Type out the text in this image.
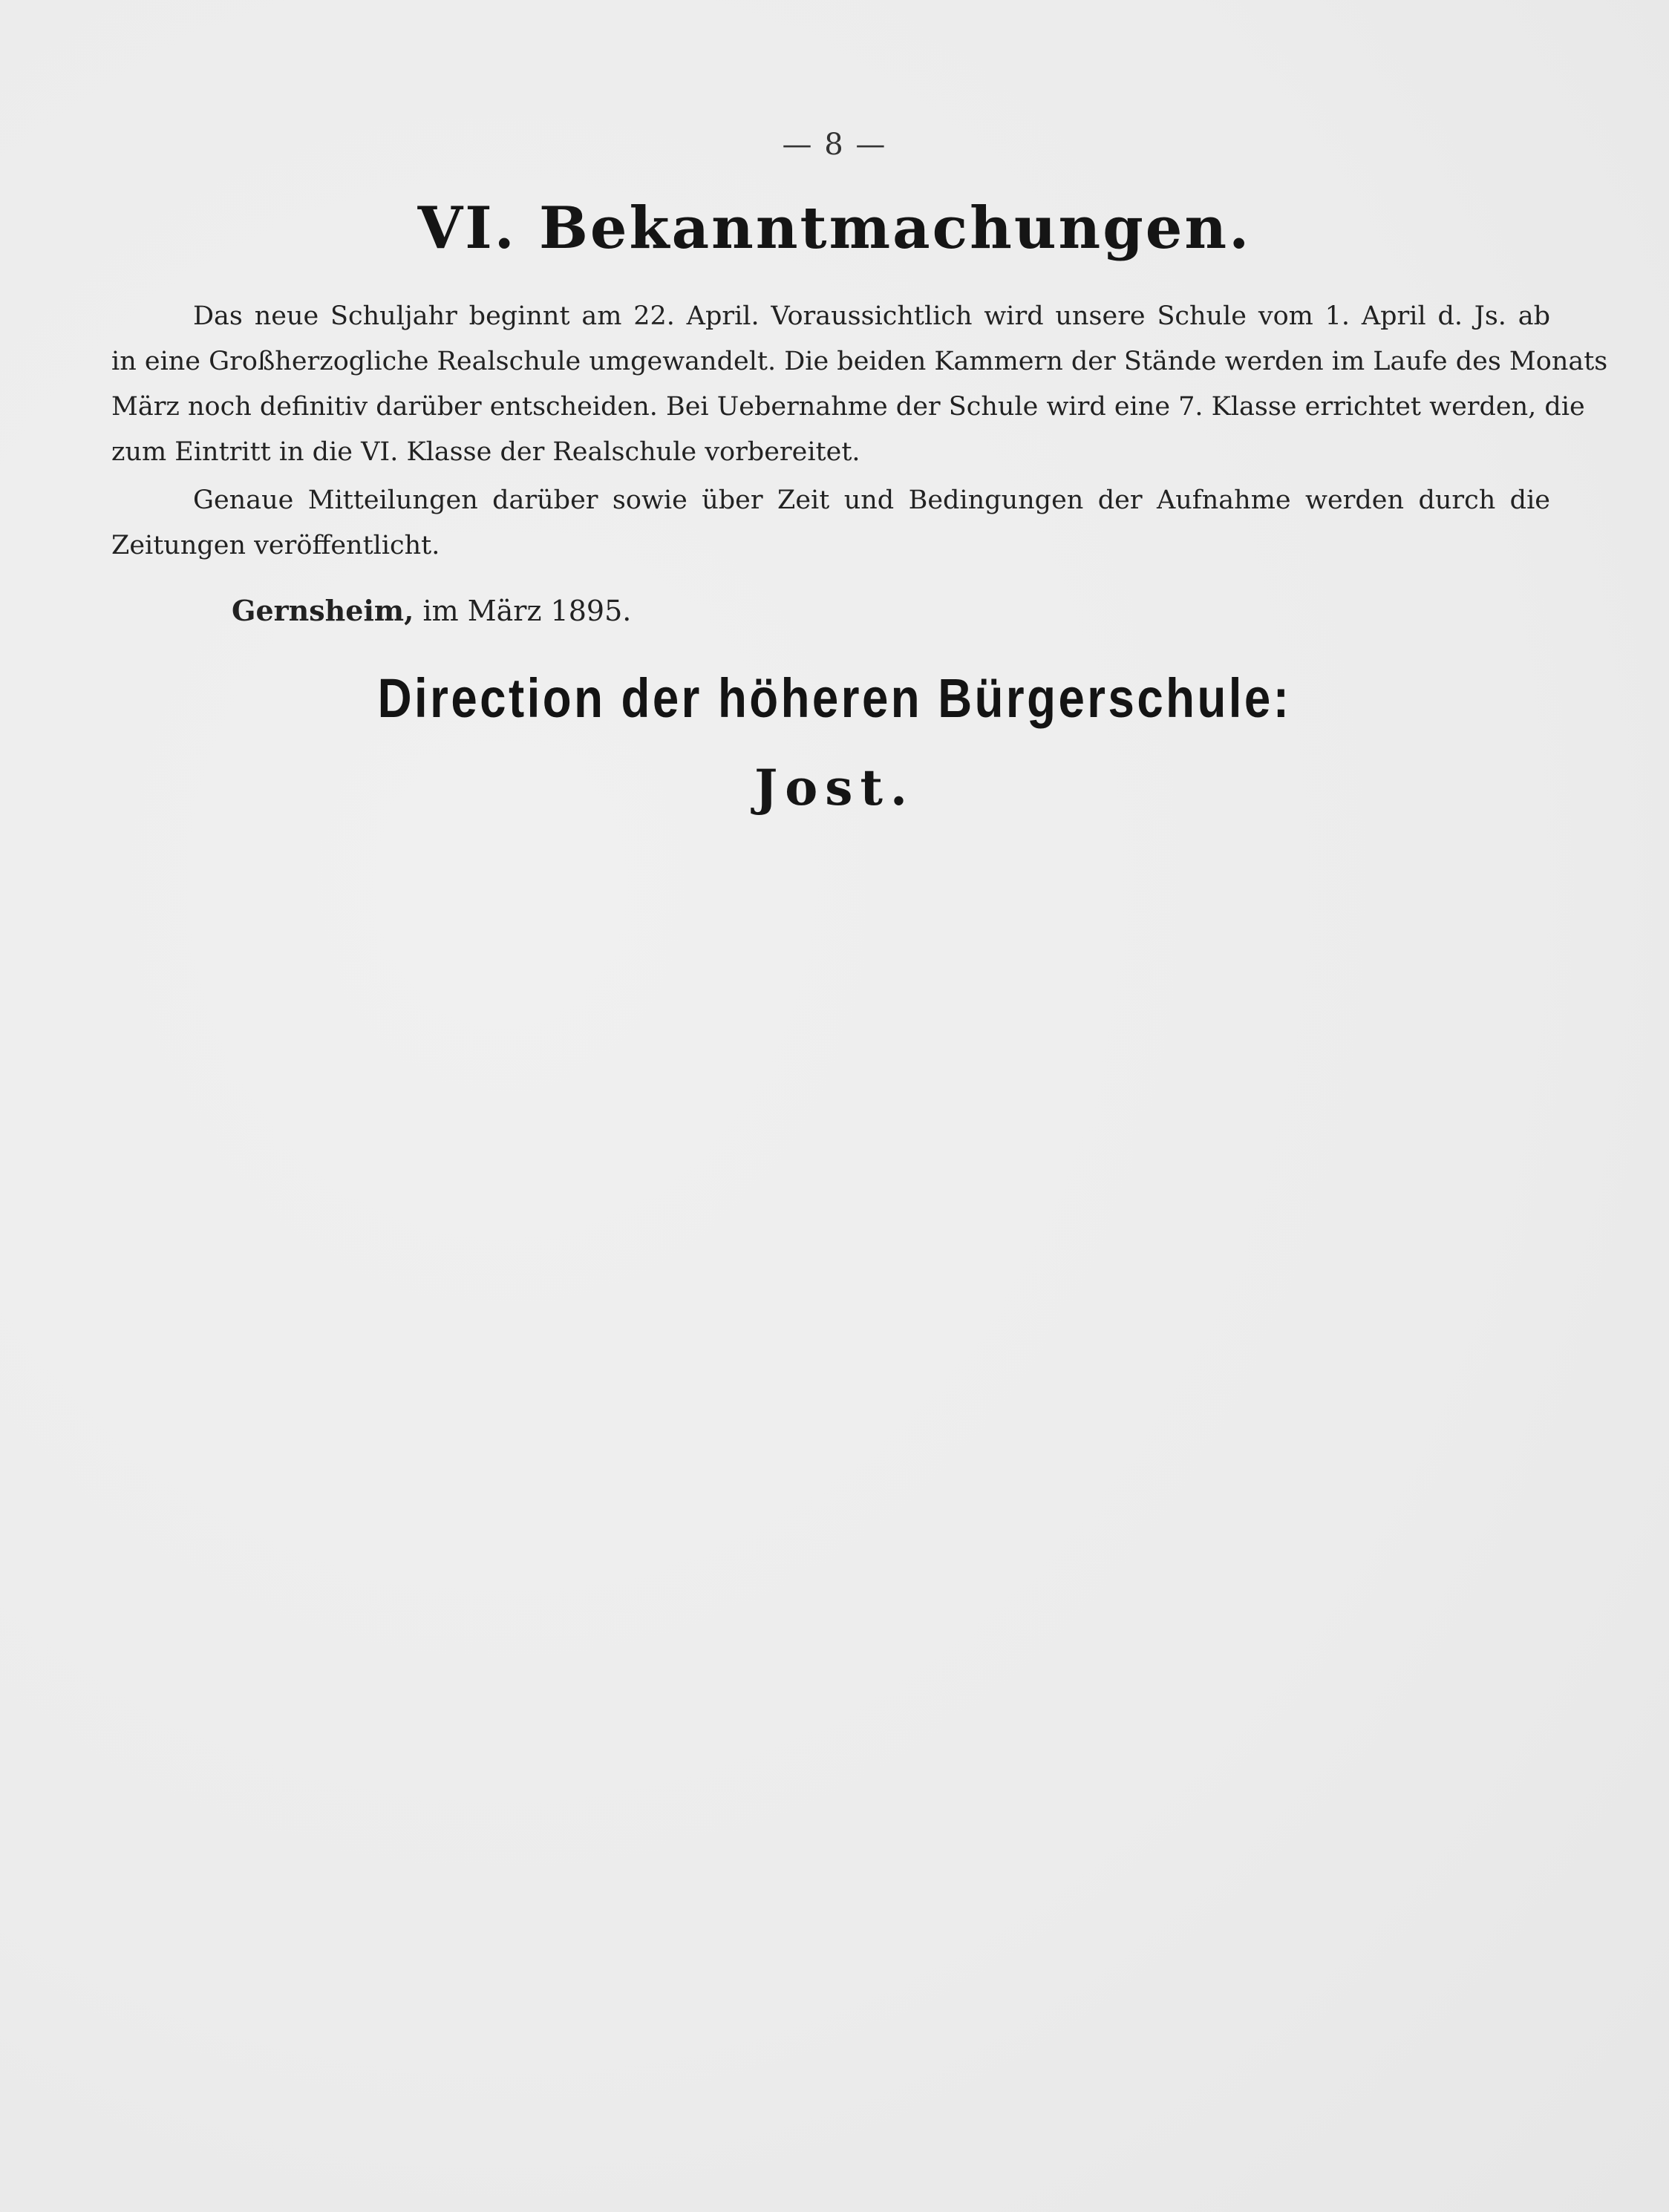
— 8 —
VI. Bekanntmachungen.
Das neue Schuljahr beginnt am 22. April. Voraussichtlich wird unsere Schule vom 1. April d. Js. ab
in eine Großherzogliche Realschule umgewandelt. Die beiden Kammern der Stände werden im Laufe des Monats
März noch definitiv darüber entscheiden. Bei Uebernahme der Schule wird eine 7. Klasse errichtet werden, die
zum Eintritt in die VI. Klasse der Realschule vorbereitet.
Genaue Mitteilungen darüber sowie über Zeit und Bedingungen der Aufnahme werden durch die
Zeitungen veröffentlicht.
Gernsheim, im März 1895.
Direction der höheren Bürgerschule:
Jost.
